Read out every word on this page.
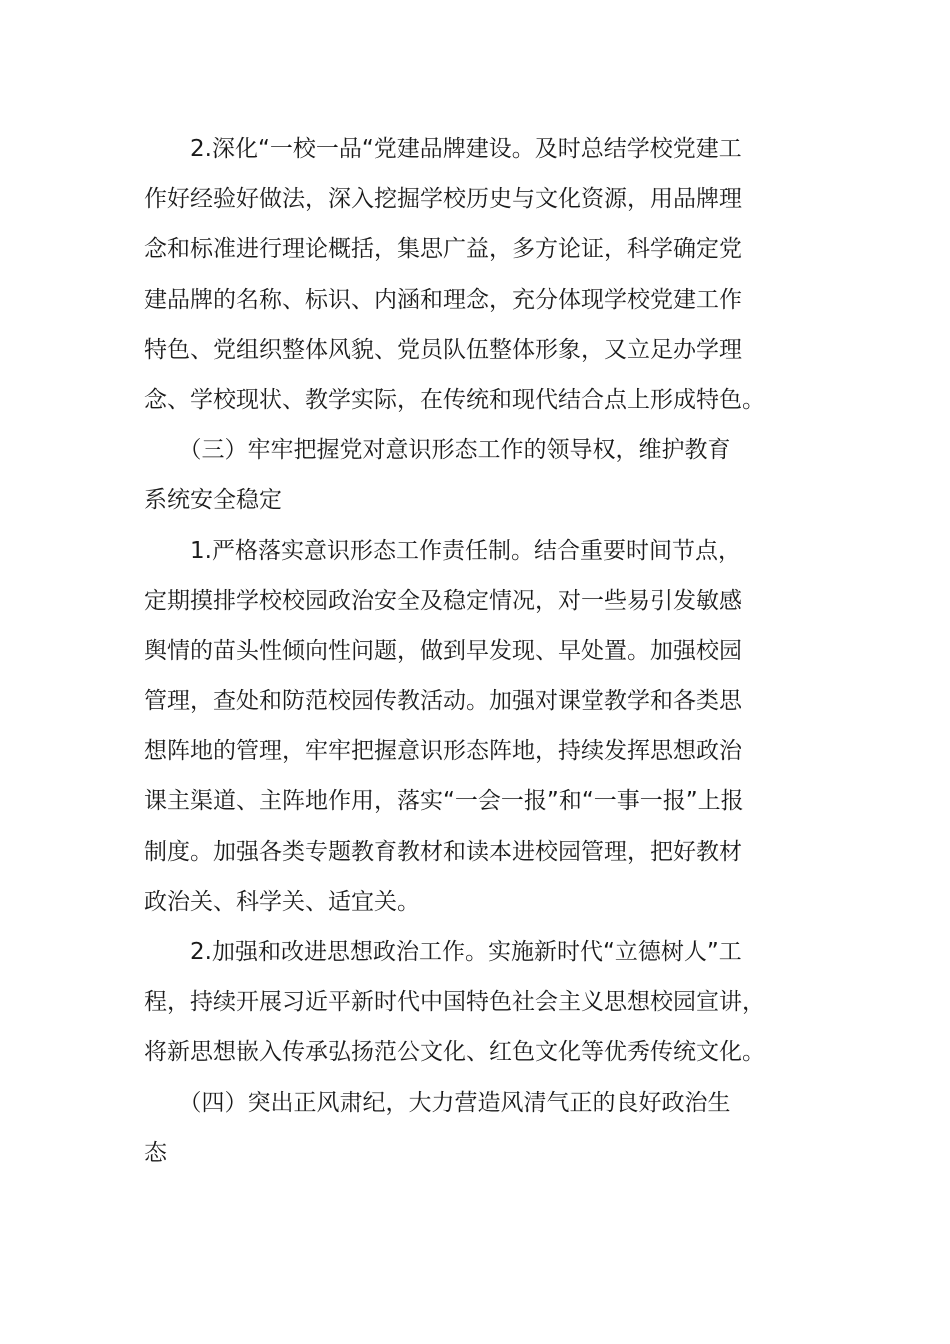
　　2.深化“一校一品“党建品牌建设。及时总结学校党建工
作好经验好做法，深入挖掘学校历史与文化资源，用品牌理
念和标准进行理论概括，集思广益，多方论证，科学确定党
建品牌的名称、标识、内涵和理念，充分体现学校党建工作
特色、党组织整体风貌、党员队伍整体形象，又立足办学理
念、学校现状、教学实际，在传统和现代结合点上形成特色。
　　（三）牢牢把握党对意识形态工作的领导权，维护教育
系统安全稳定
　　1.严格落实意识形态工作责任制。结合重要时间节点，
定期摸排学校校园政治安全及稳定情况，对一些易引发敏感
舆情的苗头性倾向性问题，做到早发现、早处置。加强校园
管理，查处和防范校园传教活动。加强对课堂教学和各类思
想阵地的管理，牢牢把握意识形态阵地，持续发挥思想政治
课主渠道、主阵地作用，落实“一会一报”和“一事一报”上报
制度。加强各类专题教育教材和读本进校园管理，把好教材
政治关、科学关、适宜关。
　　2.加强和改进思想政治工作。实施新时代“立德树人”工
程，持续开展习近平新时代中国特色社会主义思想校园宣讲，
将新思想嵌入传承弘扬范公文化、红色文化等优秀传统文化。
　　（四）突出正风肃纪，大力营造风清气正的良好政治生
态
